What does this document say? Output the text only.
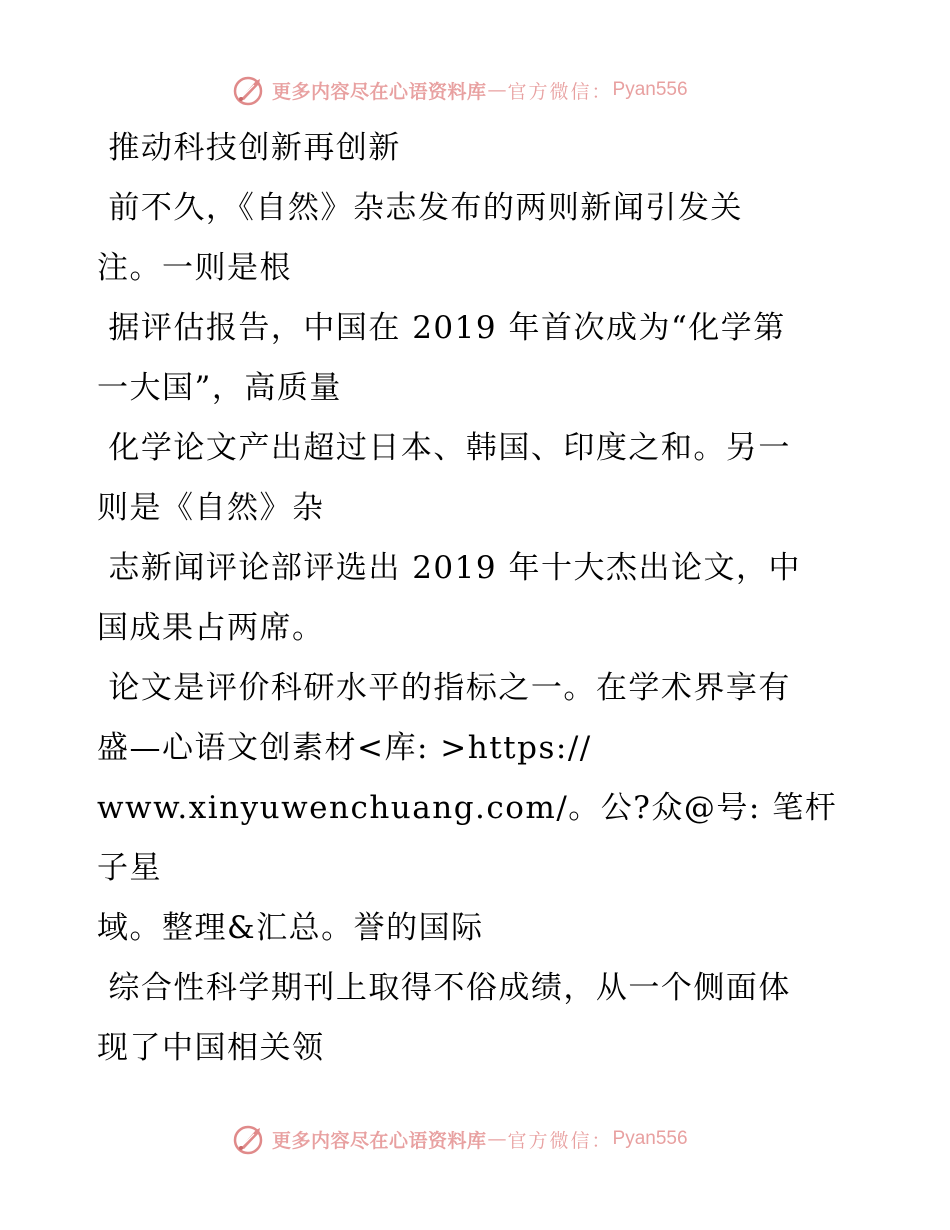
更多内容尽在心语资料库 — 官方微信： Pyan556

推动科技创新再创新

前不久，《自然》杂志发布的两则新闻引发关

注。一则是根

据评估报告，中国在 2019 年首次成为“化学第

一大国”，高质量

化学论文产出超过日本、韩国、印度之和。另一

则是《自然》杂

志新闻评论部评选出 2019 年十大杰出论文，中

国成果占两席。

论文是评价科研水平的指标之一。在学术界享有

盛—心语文创素材<库: >https://

www.xinyuwenchuang.com/。公?众@号: 笔杆子星

域。整理&汇总。誉的国际

综合性科学期刊上取得不俗成绩，从一个侧面体

现了中国相关领

更多内容尽在心语资料库 — 官方微信： Pyan556
